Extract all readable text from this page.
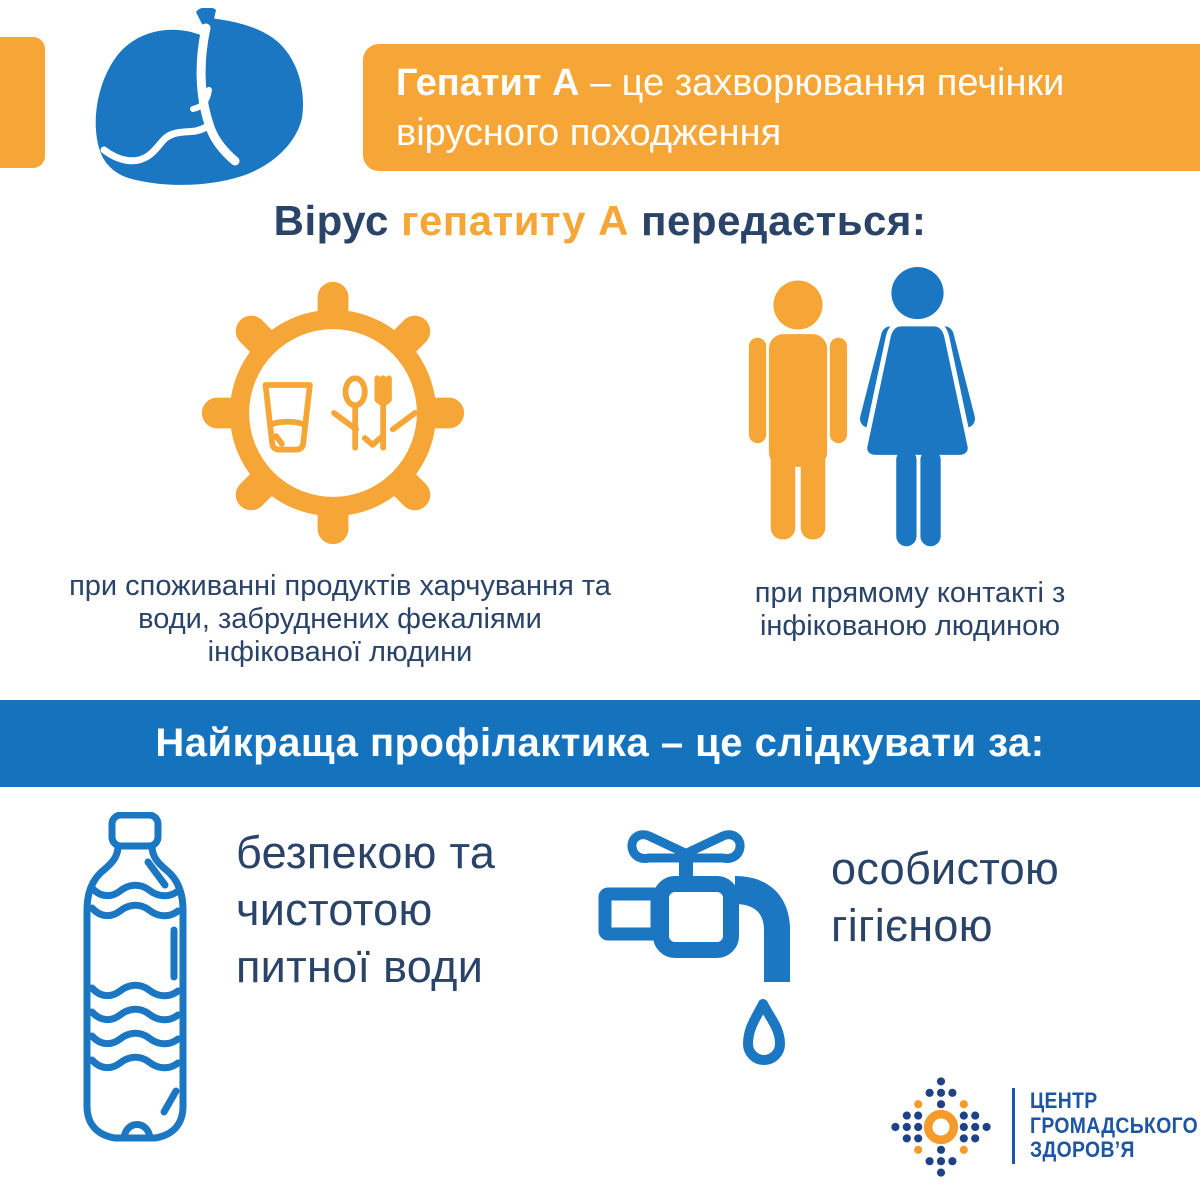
Гепатит А – це захворювання печінки
вірусного походження
Вірус гепатиту А передається:
при споживанні продуктів харчування та
води, забруднених фекаліями
інфікованої людини
при прямому контакті з
інфікованою людиною
Найкраща профілактика – це слідкувати за:
безпекою та
чистотою
питної води
особистою
гігієною
ЦЕНТР
ГРОМАДСЬКОГО
ЗДОРОВ’Я
